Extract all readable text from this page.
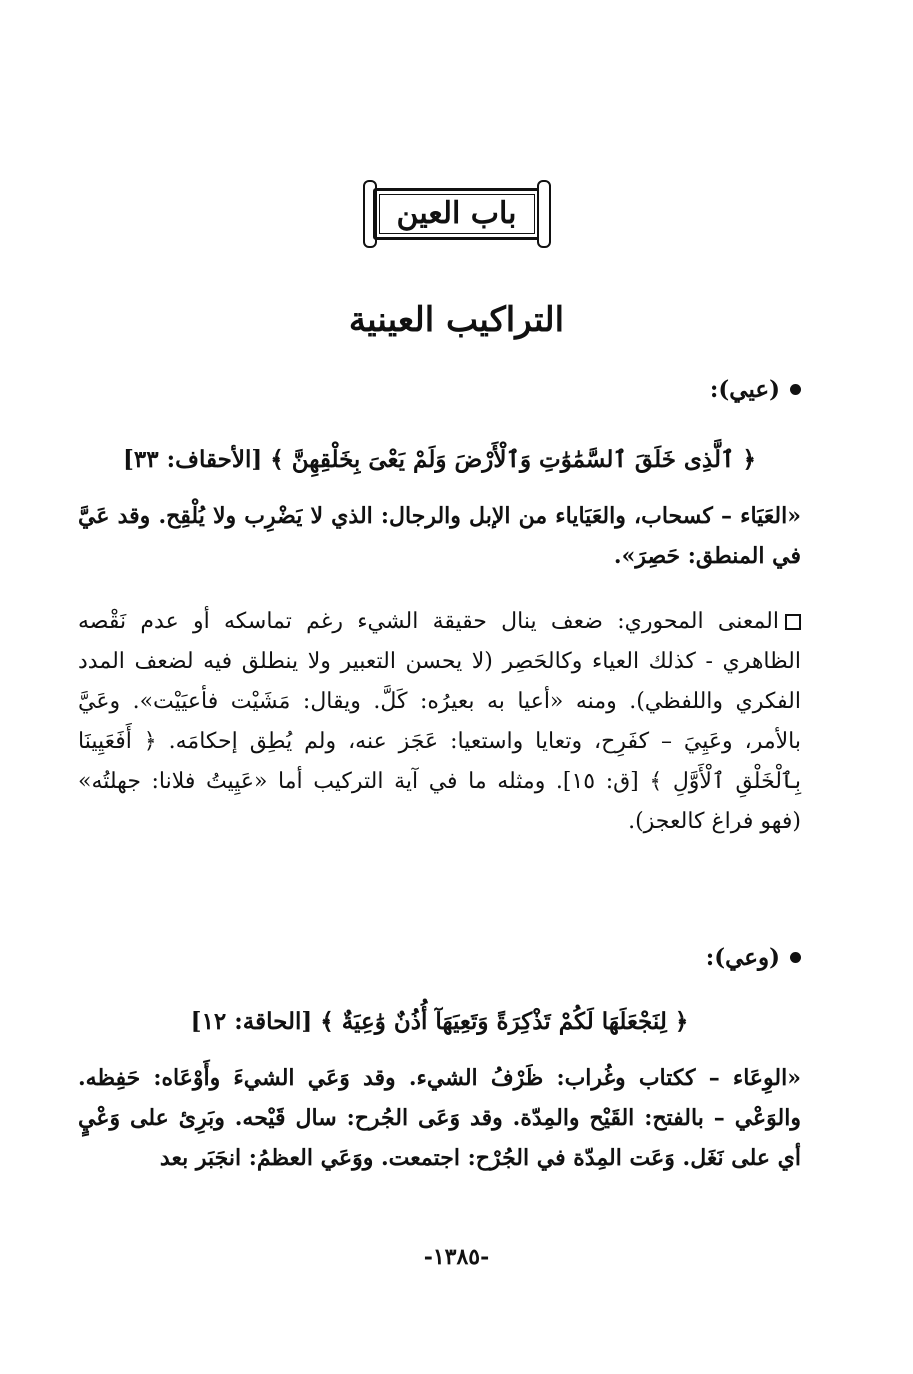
باب العين
التراكيب العينية
(عيي):
﴿ ٱلَّذِى خَلَقَ ٱلسَّمَٰوَٰتِ وَٱلْأَرْضَ وَلَمْ يَعْىَ بِخَلْقِهِنَّ ﴾ [الأحقاف: ٣٣]

«العَيَاء – كسحاب، والعَيَاياء من الإبل والرجال: الذي لا يَضْرِب ولا يُلْقِح. وقد عَيَّ في المنطق: حَصِرَ».

المعنى المحوري: ضعف ينال حقيقة الشيء رغم تماسكه أو عدم نَقْصه الظاهري - كذلك العياء وكالحَصِر (لا يحسن التعبير ولا ينطلق فيه لضعف المدد الفكري واللفظي). ومنه «أعيا به بعيرُه: كَلَّ. ويقال: مَشَيْت فأعيَيْت». وعَيَّ بالأمر، وعَيِيَ – كفَرِح، وتعايا واستعيا: عَجَز عنه، ولم يُطِق إحكامَه. ﴿ أَفَعَيِينَا بِٱلْخَلْقِ ٱلْأَوَّلِ ﴾ [ق: ١٥]. ومثله ما في آية التركيب أما «عَيِيتُ فلانا: جهلتُه» (فهو فراغ كالعجز).

(وعي):
﴿ لِنَجْعَلَهَا لَكُمْ تَذْكِرَةً وَتَعِيَهَآ أُذُنٌ وَٰعِيَةٌ ﴾ [الحاقة: ١٢]

«الوِعَاء – ككتاب وغُراب: ظَرْفُ الشيء. وقد وَعَي الشيءَ وأَوْعَاه: حَفِظه. والوَعْي – بالفتح: القَيْح والمِدّة. وقد وَعَى الجُرح: سال قَيْحه. وبَرِئ على وَعْيٍ أي على نَغَل. وَعَت المِدّة في الجُرْح: اجتمعت. ووَعَي العظمُ: انجَبَر بعد

-١٣٨٥-
